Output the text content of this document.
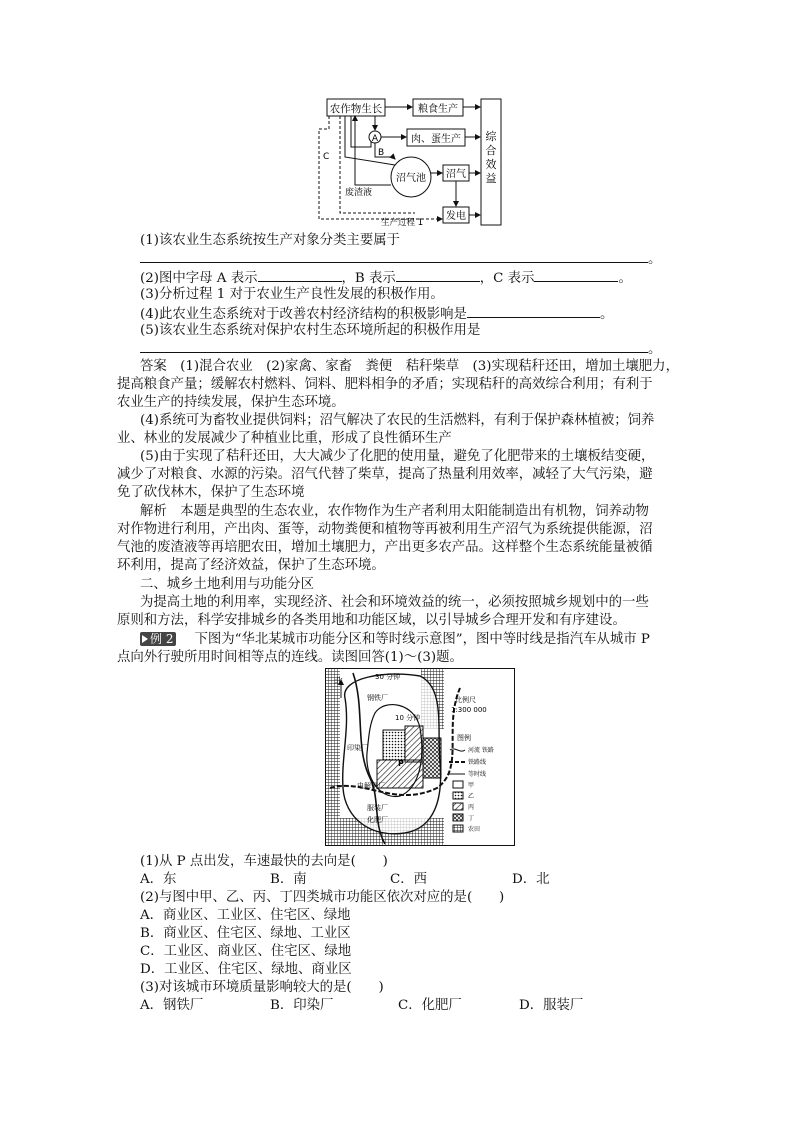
农作物生长	粮食生产
肉、蛋生产 综
合
效
益
A
沼气池 沼气
发电
B
废渣液
C
生产过程 1
(1)该农业生态系统按生产对象分类主要属于
。
(2)图中字母 A 表示	，B 表示	，C 表示	。
(3)分析过程 1 对于农业生产良性发展的积极作用。
(4)此农业生态系统对于改善农村经济结构的积极影响是	。
(5)该农业生态系统对保护农村生态环境所起的积极作用是
。
答案　(1)混合农业　(2)家禽、家畜　粪便　秸秆柴草　(3)实现秸秆还田，增加土壤肥力，
提高粮食产量；缓解农村燃料、饲料、肥料相争的矛盾；实现秸秆的高效综合利用；有利于
农业生产的持续发展，保护生态环境。
(4)系统可为畜牧业提供饲料；沼气解决了农民的生活燃料，有利于保护森林植被；饲养
业、林业的发展减少了种植业比重，形成了良性循环生产
(5)由于实现了秸秆还田，大大减少了化肥的使用量，避免了化肥带来的土壤板结变硬，
减少了对粮食、水源的污染。沼气代替了柴草，提高了热量利用效率，减轻了大气污染，避
免了砍伐林木，保护了生态环境
解析　本题是典型的生态农业，农作物作为生产者利用太阳能制造出有机物，饲养动物
对作物进行利用，产出肉、蛋等，动物粪便和植物等再被利用生产沼气为系统提供能源，沼
气池的废渣液等再培肥农田，增加土壤肥力，产出更多农产品。这样整个生态系统能量被循
环利用，提高了经济效益，保护了生态环境。
二、城乡土地利用与功能分区
为提高土地的利用率，实现经济、社会和环境效益的统一，必须按照城乡规划中的一些
原则和方法，科学安排城乡的各类用地和功能区域，以引导城乡合理开发和有序建设。
例 2 下图为“华北某城市功能分区和等时线示意图”，图中等时线是指汽车从城市 P
点向外行驶所用时间相等点的连线。读图回答(1)～(3)题。
北	30 分钟
10 分钟
钢铁厂
印染厂
电解铜厂
服装厂
化肥厂
P
比例尺
1:300 000
图例
河流 铁路
铁路线
等时线
甲
乙
丙
丁
农田
(1)从 P 点出发，车速最快的去向是(　　)
A．东	B．南	C．西	D．北
(2)与图中甲、乙、丙、丁四类城市功能区依次对应的是(　　)
A．商业区、工业区、住宅区、绿地
B．商业区、住宅区、绿地、工业区
C．工业区、商业区、住宅区、绿地
D．工业区、住宅区、绿地、商业区
(3)对该城市环境质量影响较大的是(　　)
A．钢铁厂	B．印染厂	C．化肥厂	D．服装厂
